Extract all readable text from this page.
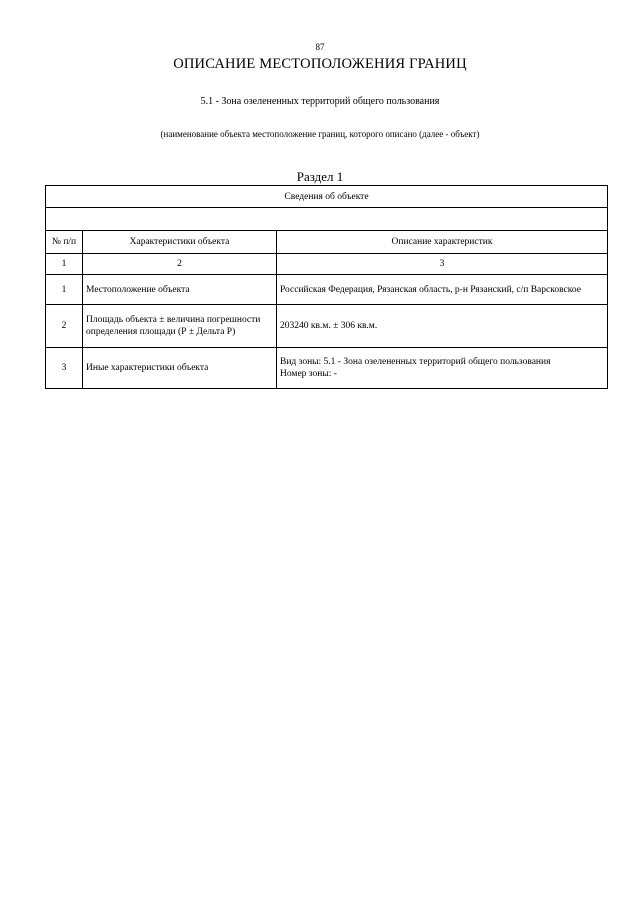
87
ОПИСАНИЕ МЕСТОПОЛОЖЕНИЯ ГРАНИЦ
5.1 - Зона озелененных территорий общего пользования
(наименование объекта местоположение границ, которого описано (далее - объект)
Раздел 1
Сведения об объекте		

№ п/п	Характеристики объекта	Описание характеристик
1	2	3
1	Местоположение объекта	Российская Федерация, Рязанская область, р-н Рязанский, с/п Варсковское
2	Площадь объекта ± величина погрешности определения площади (Р ± Дельта Р)	203240 кв.м. ± 306 кв.м.
3	Иные характеристики объекта	Вид зоны: 5.1 - Зона озелененных территорий общего пользования
Номер зоны: -
